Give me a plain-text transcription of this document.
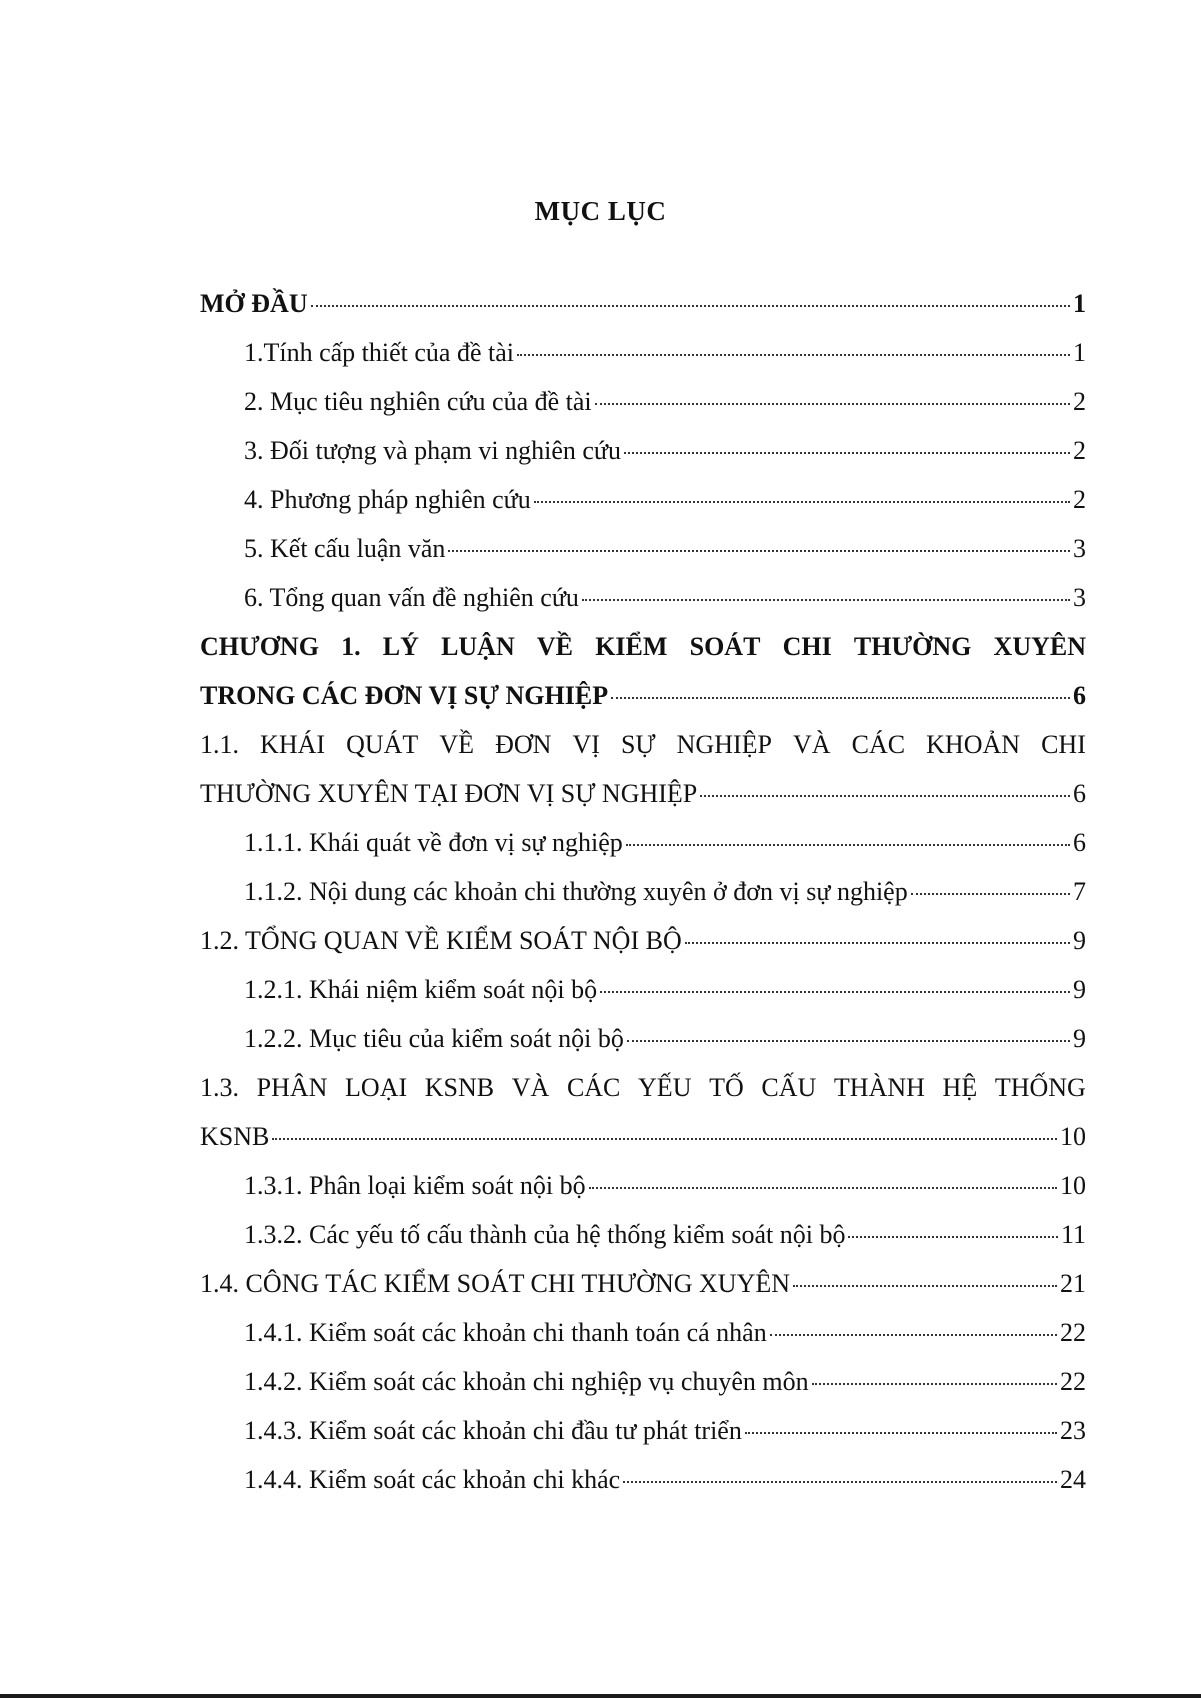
MỤC LỤC
MỞ ĐẦU	1
1.Tính cấp thiết của đề tài	1
2. Mục tiêu nghiên cứu của đề tài	2
3. Đối tượng và phạm vi nghiên cứu	2
4. Phương pháp nghiên cứu	2
5. Kết cấu luận văn	3
6. Tổng quan vấn đề nghiên cứu	3
CHƯƠNG 1. LÝ LUẬN VỀ KIỂM SOÁT CHI THƯỜNG XUYÊN
TRONG CÁC ĐƠN VỊ SỰ NGHIỆP	6
1.1. KHÁI QUÁT VỀ ĐƠN VỊ SỰ NGHIỆP VÀ CÁC KHOẢN CHI
THƯỜNG XUYÊN TẠI ĐƠN VỊ SỰ NGHIỆP	6
1.1.1. Khái quát về đơn vị sự nghiệp	6
1.1.2. Nội dung các khoản chi thường xuyên ở đơn vị sự nghiệp	7
1.2. TỔNG QUAN VỀ KIỂM SOÁT NỘI BỘ	9
1.2.1. Khái niệm kiểm soát nội bộ	9
1.2.2. Mục tiêu của kiểm soát nội bộ	9
1.3. PHÂN LOẠI KSNB VÀ CÁC YẾU TỐ CẤU THÀNH HỆ THỐNG
KSNB	10
1.3.1. Phân loại kiểm soát nội bộ	10
1.3.2. Các yếu tố cấu thành của hệ thống kiểm soát nội bộ	11
1.4. CÔNG TÁC KIỂM SOÁT CHI THƯỜNG XUYÊN	21
1.4.1. Kiểm soát các khoản chi thanh toán cá nhân	22
1.4.2. Kiểm soát các khoản chi nghiệp vụ chuyên môn	22
1.4.3. Kiểm soát các khoản chi đầu tư phát triển	23
1.4.4. Kiểm soát các khoản chi khác	24
